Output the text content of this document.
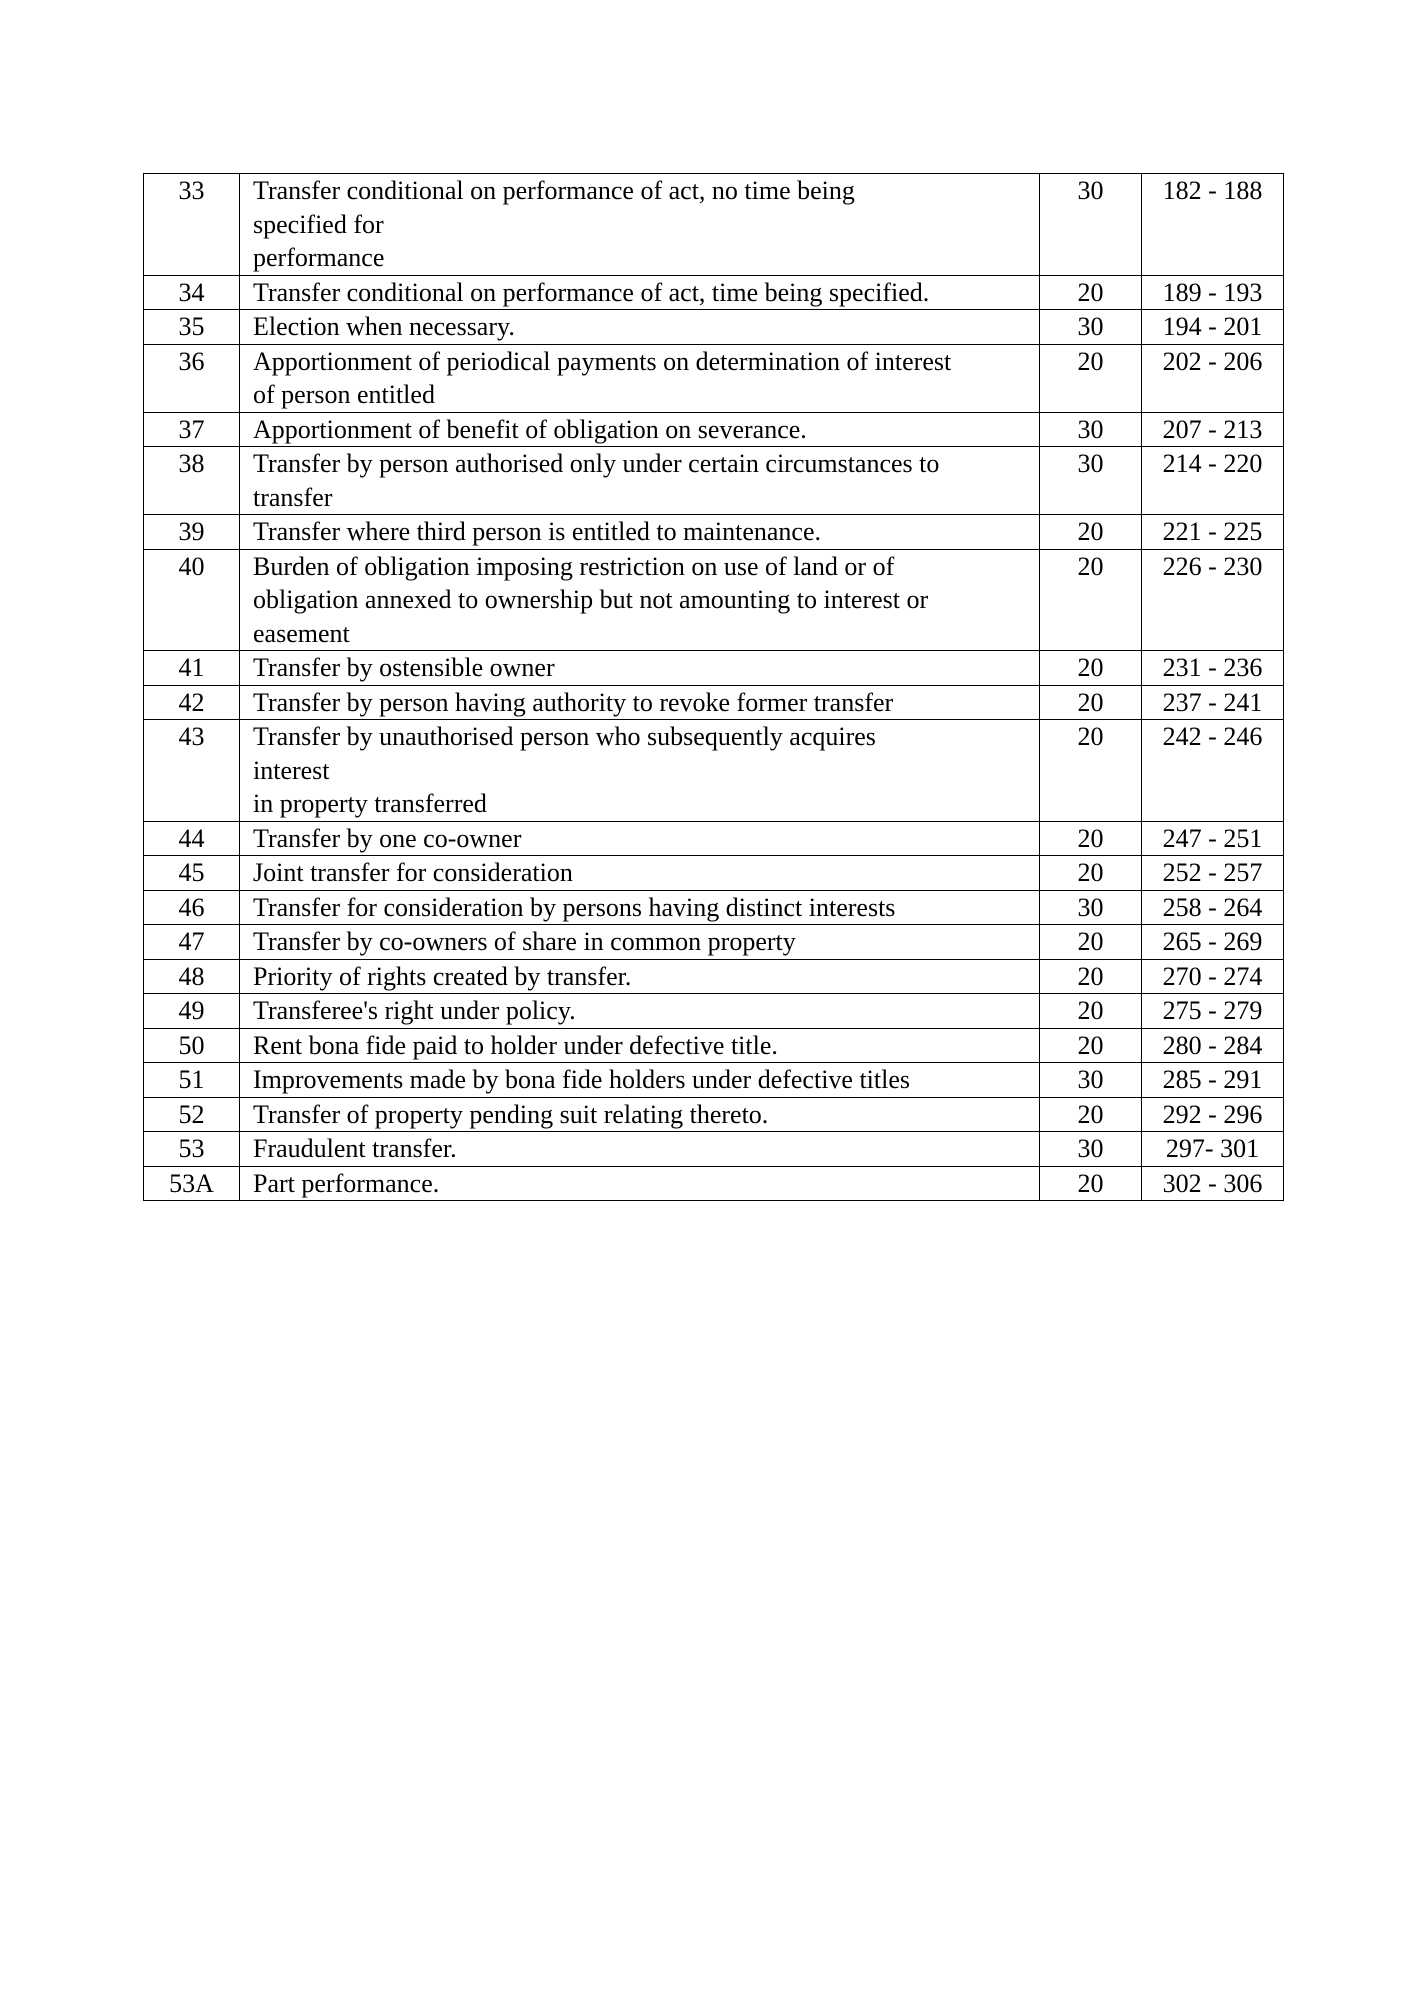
33	Transfer conditional on performance of act, no time being
specified for
performance	30	182 - 188
34	Transfer conditional on performance of act, time being specified.	20	189 - 193
35	Election when necessary.	30	194 - 201
36	Apportionment of periodical payments on determination of interest
of person entitled	20	202 - 206
37	Apportionment of benefit of obligation on severance.	30	207 - 213
38	Transfer by person authorised only under certain circumstances to
transfer	30	214 - 220
39	Transfer where third person is entitled to maintenance.	20	221 - 225
40	Burden of obligation imposing restriction on use of land or of
obligation annexed to ownership but not amounting to interest or
easement	20	226 - 230
41	Transfer by ostensible owner	20	231 - 236
42	Transfer by person having authority to revoke former transfer	20	237 - 241
43	Transfer by unauthorised person who subsequently acquires
interest
in property transferred	20	242 - 246
44	Transfer by one co-owner	20	247 - 251
45	Joint transfer for consideration	20	252 - 257
46	Transfer for consideration by persons having distinct interests	30	258 - 264
47	Transfer by co-owners of share in common property	20	265 - 269
48	Priority of rights created by transfer.	20	270 - 274
49	Transferee's right under policy.	20	275 - 279
50	Rent bona fide paid to holder under defective title.	20	280 - 284
51	Improvements made by bona fide holders under defective titles	30	285 - 291
52	Transfer of property pending suit relating thereto.	20	292 - 296
53	Fraudulent transfer.	30	297- 301
53A	Part performance.	20	302 - 306
